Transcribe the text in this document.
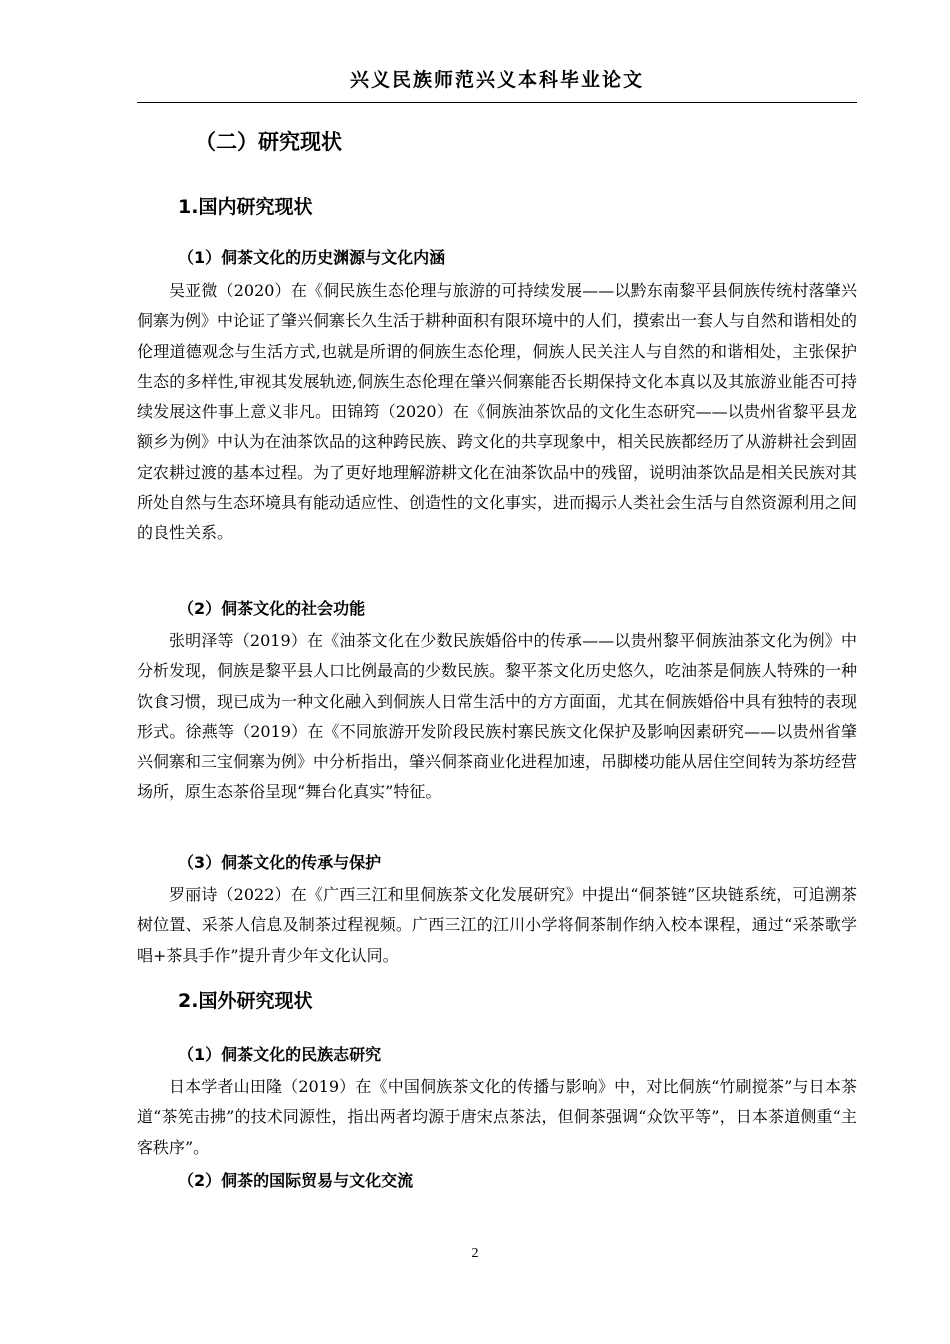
兴义民族师范兴义本科毕业论文
（二）研究现状
1.国内研究现状
（1）侗茶文化的历史渊源与文化内涵

吴亚微（2020）在《侗民族生态伦理与旅游的可持续发展——以黔东南黎平县侗族传统村落肇兴侗寨为例》中论证了肇兴侗寨长久生活于耕种面积有限环境中的人们，摸索出一套人与自然和谐相处的伦理道德观念与生活方式,也就是所谓的侗族生态伦理，侗族人民关注人与自然的和谐相处，主张保护生态的多样性,审视其发展轨迹,侗族生态伦理在肇兴侗寨能否长期保持文化本真以及其旅游业能否可持续发展这件事上意义非凡。田锦筠（2020）在《侗族油茶饮品的文化生态研究——以贵州省黎平县龙额乡为例》中认为在油茶饮品的这种跨民族、跨文化的共享现象中，相关民族都经历了从游耕社会到固定农耕过渡的基本过程。为了更好地理解游耕文化在油茶饮品中的残留，说明油茶饮品是相关民族对其所处自然与生态环境具有能动适应性、创造性的文化事实，进而揭示人类社会生活与自然资源利用之间的良性关系。

（2）侗茶文化的社会功能

张明泽等（2019）在《油茶文化在少数民族婚俗中的传承——以贵州黎平侗族油茶文化为例》中分析发现，侗族是黎平县人口比例最高的少数民族。黎平茶文化历史悠久，吃油茶是侗族人特殊的一种饮食习惯，现已成为一种文化融入到侗族人日常生活中的方方面面，尤其在侗族婚俗中具有独特的表现形式。徐燕等（2019）在《不同旅游开发阶段民族村寨民族文化保护及影响因素研究——以贵州省肇兴侗寨和三宝侗寨为例》中分析指出，肇兴侗茶商业化进程加速，吊脚楼功能从居住空间转为茶坊经营场所，原生态茶俗呈现“舞台化真实”特征。

（3）侗茶文化的传承与保护

罗丽诗（2022）在《广西三江和里侗族茶文化发展研究》中提出“侗茶链”区块链系统，可追溯茶树位置、采茶人信息及制茶过程视频。广西三江的江川小学将侗茶制作纳入校本课程，通过“采茶歌学唱+茶具手作”提升青少年文化认同。

2.国外研究现状
（1）侗茶文化的民族志研究

日本学者山田隆（2019）在《中国侗族茶文化的传播与影响》中，对比侗族“竹刷搅茶”与日本茶道“茶筅击拂”的技术同源性，指出两者均源于唐宋点茶法，但侗茶强调“众饮平等”，日本茶道侧重“主客秩序”。

（2）侗茶的国际贸易与文化交流
2
